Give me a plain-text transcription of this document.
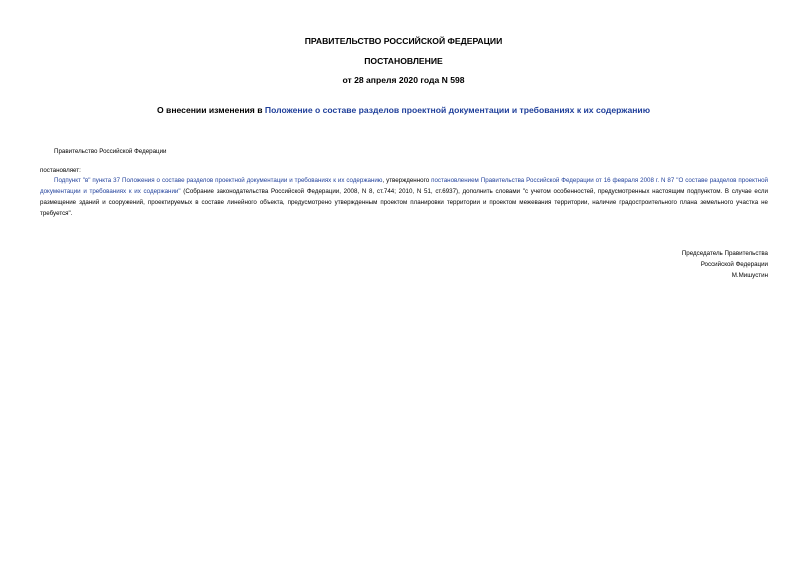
ПРАВИТЕЛЬСТВО РОССИЙСКОЙ ФЕДЕРАЦИИ
ПОСТАНОВЛЕНИЕ
от 28 апреля 2020 года N 598
О внесении изменения в Положение о составе разделов проектной документации и требованиях к их содержанию
Правительство Российской Федерации
постановляет:
Подпункт "в" пункта 37 Положения о составе разделов проектной документации и требованиях к их содержанию, утвержденного постановлением Правительства Российской Федерации от 16 февраля 2008 г. N 87 "О составе разделов проектной документации и требованиях к их содержании" (Собрание законодательства Российской Федерации, 2008, N 8, ст.744; 2010, N 51, ст.6937), дополнить словами "с учетом особенностей, предусмотренных настоящим подпунктом. В случае если размещение зданий и сооружений, проектируемых в составе линейного объекта, предусмотрено утвержденным проектом планировки территории и проектом межевания территории, наличие градостроительного плана земельного участка не требуется".
Председатель Правительства
Российской Федерации
М.Мишустин
